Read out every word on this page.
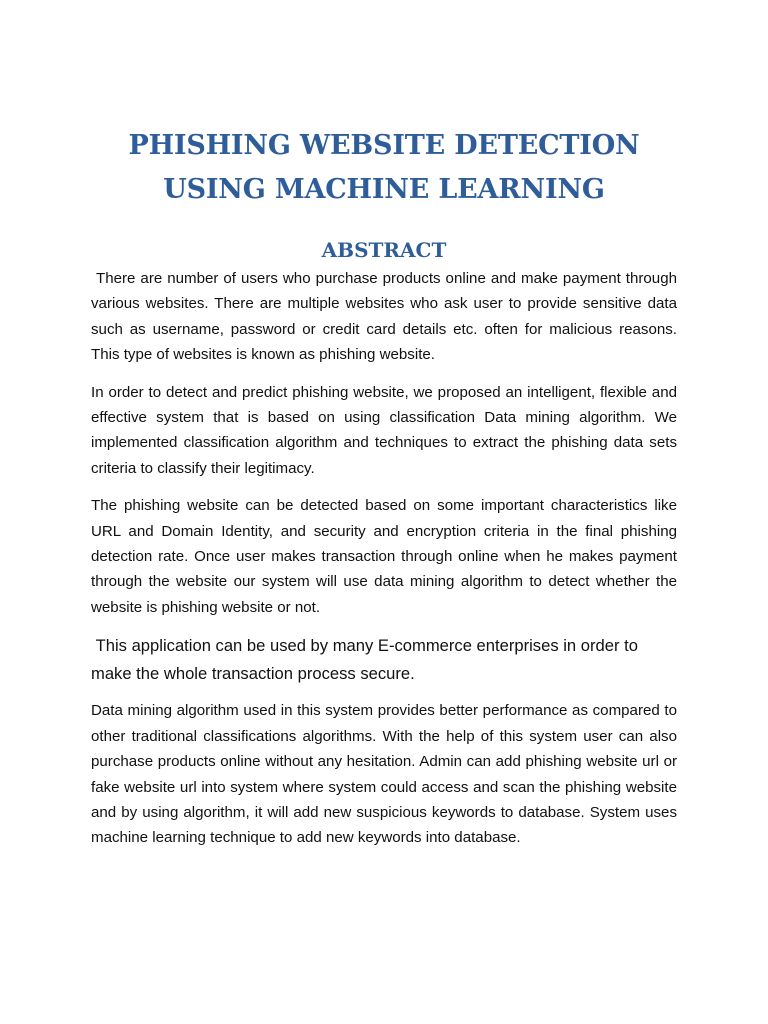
PHISHING WEBSITE DETECTION USING MACHINE LEARNING
ABSTRACT

There are number of users who purchase products online and make payment through various websites. There are multiple websites who ask user to provide sensitive data such as username, password or credit card details etc. often for malicious reasons. This type of websites is known as phishing website.

In order to detect and predict phishing website, we proposed an intelligent, flexible and effective system that is based on using classification Data mining algorithm. We implemented classification algorithm and techniques to extract the phishing data sets criteria to classify their legitimacy.

The phishing website can be detected based on some important characteristics like URL and Domain Identity, and security and encryption criteria in the final phishing detection rate. Once user makes transaction through online when he makes payment through the website our system will use data mining algorithm to detect whether the website is phishing website or not.

This application can be used by many E-commerce enterprises in order to make the whole transaction process secure.

Data mining algorithm used in this system provides better performance as compared to other traditional classifications algorithms. With the help of this system user can also purchase products online without any hesitation. Admin can add phishing website url or fake website url into system where system could access and scan the phishing website and by using algorithm, it will add new suspicious keywords to database. System uses machine learning technique to add new keywords into database.
